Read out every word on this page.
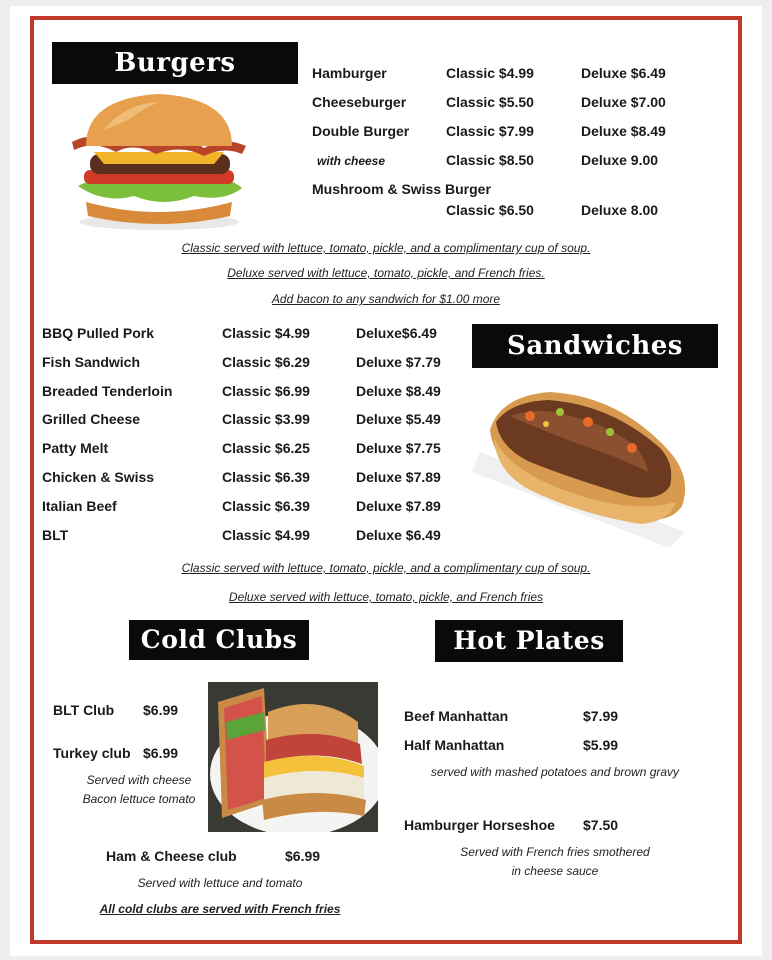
Burgers	Hamburger	Classic $4.99	Deluxe $6.49
Cheeseburger	Classic $5.50	Deluxe $7.00
Double Burger	Classic $7.99	Deluxe $8.49
with cheese	Classic $8.50	Deluxe 9.00
Mushroom & Swiss Burger
Classic $6.50	Deluxe 8.00
Classic served with lettuce, tomato, pickle, and a complimentary cup of soup.
Deluxe served with lettuce, tomato, pickle, and French fries.
Add bacon to any sandwich for $1.00 more
BBQ Pulled Pork	Classic $4.99	Deluxe$6.49
Fish Sandwich	Classic $6.29	Deluxe $7.79
Breaded Tenderloin	Classic $6.99	Deluxe $8.49
Grilled Cheese	Classic $3.99	Deluxe $5.49
Patty Melt	Classic $6.25	Deluxe $7.75
Chicken & Swiss	Classic $6.39	Deluxe $7.89
Italian Beef	Classic $6.39	Deluxe $7.89
BLT	Classic $4.99	Deluxe $6.49
Sandwiches
Classic served with lettuce, tomato, pickle, and a complimentary cup of soup.
Deluxe served with lettuce, tomato, pickle, and French fries
Cold Clubs
BLT Club $6.99
Turkey club $6.99
Served with cheese
Bacon lettuce tomato
Ham & Cheese club	$6.99
Served with lettuce and tomato
All cold clubs are served with French fries
Hot Plates
Beef Manhattan	$7.99
Half Manhattan	$5.99
served with mashed potatoes and brown gravy
Hamburger Horseshoe $7.50
Served with French fries smothered
in cheese sauce
